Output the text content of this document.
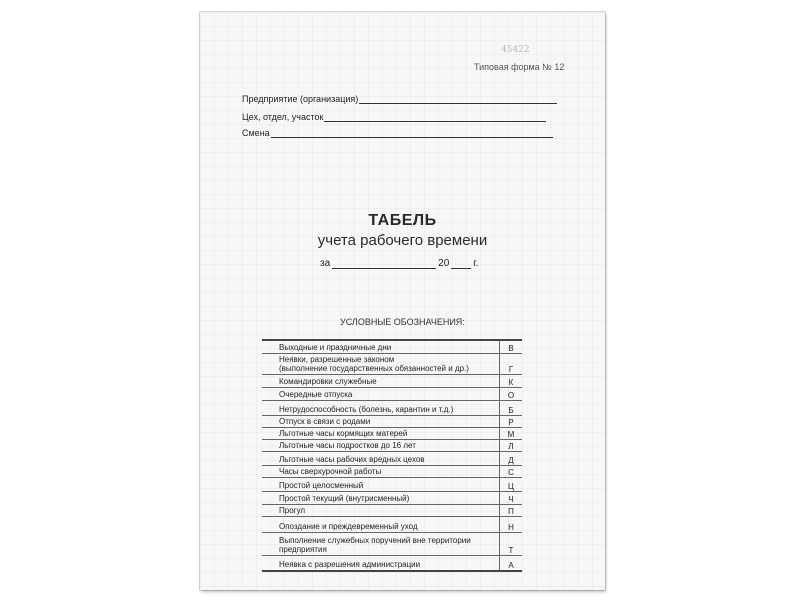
45422
Типовая форма № 12
Предприятие (организация)
Цех, отдел, участок
Смена
ТАБЕЛЬ
учета рабочего времени
за	20 г.
УСЛОВНЫЕ ОБОЗНАЧЕНИЯ:
Выходные и праздничные дни	В
Неявки, разрешенные законом
(выполнение государственных обязанностей и др.)	Г
Командировки служебные	К
Очередные отпуска	О
Нетрудоспособность (болезнь, карантин и т.д.)	Б
Отпуск в связи с родами	Р
Льготные часы кормящих матерей	М
Льготные часы подростков до 16 лет	Л
Льготные часы рабочих вредных цехов	Д
Часы сверхурочной работы	С
Простой целосменный	Ц
Простой текущий (внутрисменный)	Ч
Прогул	П
Опоздание и преждевременный уход	Н
Выполнение служебных поручений вне территории
предприятия	Т
Неявка с разрешения администрации	А
